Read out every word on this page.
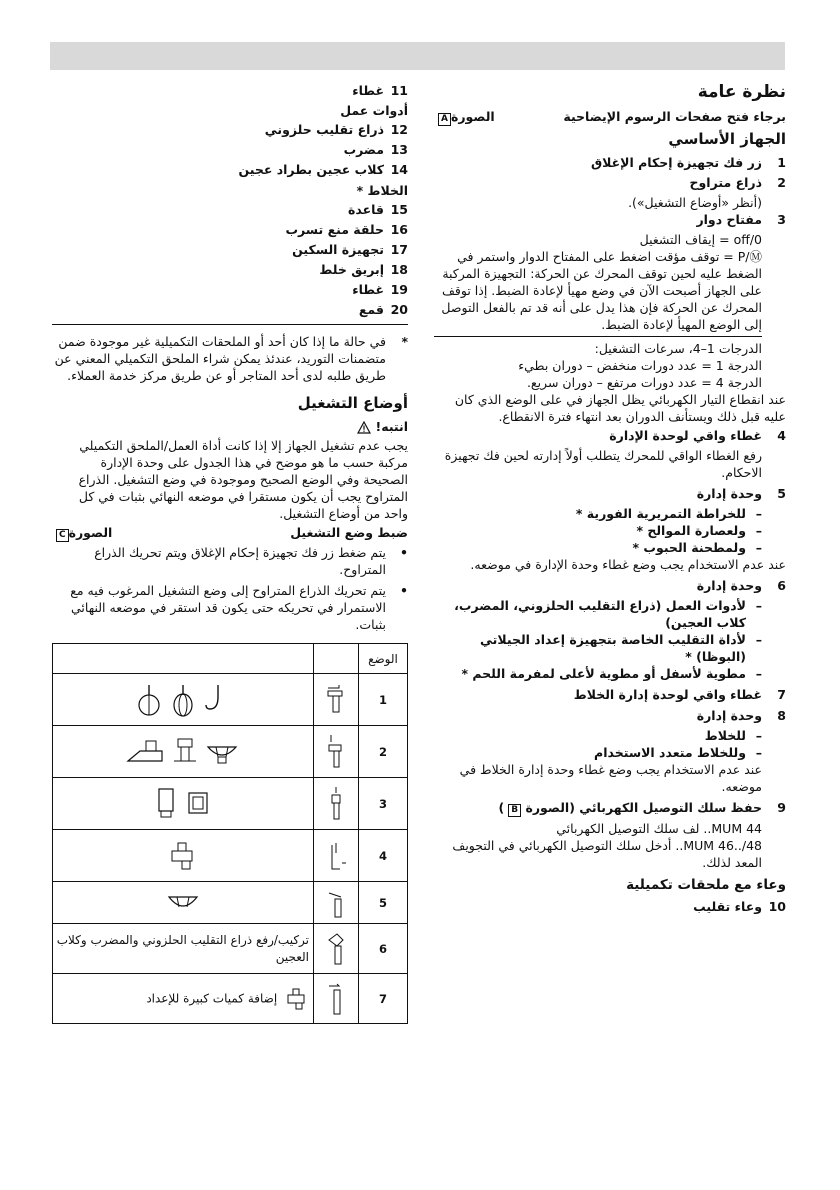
نظرة عامة
برجاء فتح صفحات الرسوم الإيضاحية
الصورةA
الجهاز الأساسي
1
زر فك تجهيزة إحكام الإغلاق
2
ذراع متراوح
(أنظر «أوضاع التشغيل»).
3
مفتاح دوار
off/0 = إيقاف التشغيل
P/Ⓜ = توقف مؤقت اضغط على المفتاح الدوار واستمر في الضغط عليه لحين توقف المحرك عن الحركة: التجهيزة المركبة على الجهاز أصبحت الآن في وضع مهيأ لإعادة الضبط. إذا توقف المحرك عن الحركة فإن هذا يدل على أنه قد تم بالفعل التوصل إلى الوضع المهيأ لإعادة الضبط.
الدرجات 1–4، سرعات التشغيل:
الدرجة 1 = عدد دورات منخفض – دوران بطيء
الدرجة 4 = عدد دورات مرتفع – دوران سريع.
عند انقطاع التيار الكهربائي يظل الجهاز في على الوضع الذي كان عليه قبل ذلك ويستأنف الدوران بعد انتهاء فترة الانقطاع.
4
غطاء واقي لوحدة الإدارة
رفع الغطاء الواقي للمحرك يتطلب أولاً إدارته لحين فك تجهيزة الاحكام.
5
وحدة إدارة
–
للخراطة التمريرية الفورية *
–
ولعصارة الموالح *
–
ولمطحنة الحبوب *
عند عدم الاستخدام يجب وضع غطاء وحدة الإدارة في موضعه.
6
وحدة إدارة
–
لأدوات العمل (ذراع التقليب الحلزوني، المضرب، كلاب العجين)
–
لأداة التقليب الخاصة بتجهيزة إعداد الجيلاتي (البوظا) *
–
مطوية لأسفل أو مطوية لأعلى لمفرمة اللحم *
7
غطاء واقي لوحدة إدارة الخلاط
8
وحدة إدارة
–
للخلاط
–
وللخلاط متعدد الاستخدام
عند عدم الاستخدام يجب وضع غطاء وحدة إدارة الخلاط في موضعه.
9
حفظ سلك التوصيل الكهربائي (الصورة B)
MUM 44.. لف سلك التوصيل الكهربائي
MUM 46../48.. أدخل سلك التوصيل الكهربائي في التجويف المعد لذلك.
وعاء مع ملحقات تكميلية
10
وعاء تقليب
11
غطاء
أدوات عمل
12
ذراع تقليب حلزوني
13
مضرب
14
كلاب عجين بطراد عجين
الخلاط *
15
قاعدة
16
حلقة منع تسرب
17
تجهيزة السكين
18
إبريق خلط
19
غطاء
20
قمع
*
في حالة ما إذا كان أحد أو الملحقات التكميلية غير موجودة ضمن متضمنات التوريد، عندئذ يمكن شراء الملحق التكميلي المعني عن طريق طلبه لدى أحد المتاجر أو عن طريق مركز خدمة العملاء.
أوضاع التشغيل
انتبه!
يجب عدم تشغيل الجهاز إلا إذا كانت أداة العمل/الملحق التكميلي مركبة حسب ما هو موضح في هذا الجدول على وحدة الإدارة الصحيحة وفي الوضع الصحيح وموجودة في وضع التشغيل. الذراع المتراوح يجب أن يكون مستقرا في موضعه النهائي بثبات في كل واحد من أوضاع التشغيل.
ضبط وضع التشغيل
الصورةC
•
يتم ضغط زر فك تجهيزة إحكام الإغلاق ويتم تحريك الذراع المتراوح.
•
يتم تحريك الذراع المتراوح إلى وضع التشغيل المرغوب فيه مع الاستمرار في تحريكه حتى يكون قد استقر في موضعه النهائي بثبات.
الوضع		
1		
2		
3		
4		
5		
6		تركيب/رفع ذراع التقليب الحلزوني والمضرب وكلاب العجين
7		إضافة كميات كبيرة للإعداد
